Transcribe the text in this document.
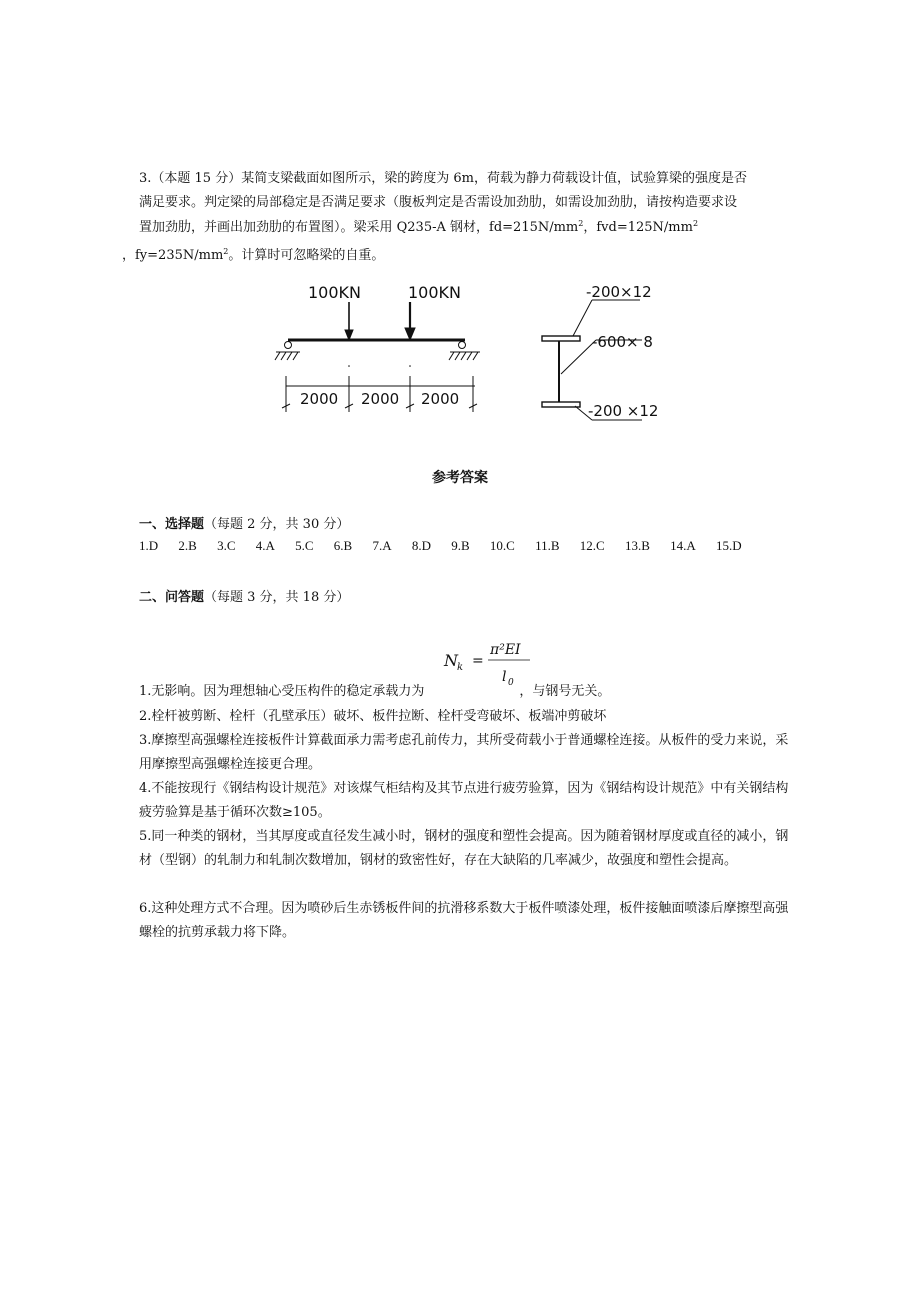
3.（本题 15 分）某简支梁截面如图所示，梁的跨度为 6m，荷载为静力荷载设计值，试验算梁的强度是否
满足要求。判定梁的局部稳定是否满足要求（腹板判定是否需设加劲肋，如需设加劲肋，请按构造要求设
置加劲肋，并画出加劲肋的布置图）。梁采用 Q235-A 钢材，$fd=215N/mm^2$，$fvd=125N/mm^2$
，$fy=235N/mm^2$。计算时可忽略梁的自重。
100KN	100KN
2000 2000 2000
-200×12
-600× 8
-200 ×12
参考答案
一、选择题（每题 2 分，共 30 分）
1.D 2.B 3.C 4.A 5.C 6.B 7.A 8.D 9.B 10.C 11.B 12.C 13.B 14.A 15.D
二、问答题（每题 3 分，共 18 分）
N k =
π²EI
l 0
1.无影响。因为理想轴心受压构件的稳定承载力为	，与钢号无关。
2.栓杆被剪断、栓杆（孔壁承压）破坏、板件拉断、栓杆受弯破坏、板端冲剪破坏
3.摩擦型高强螺栓连接板件计算截面承力需考虑孔前传力，其所受荷载小于普通螺栓连接。从板件的受力来说，采用摩擦型高强螺栓连接更合理。
4.不能按现行《钢结构设计规范》对该煤气柜结构及其节点进行疲劳验算，因为《钢结构设计规范》中有关钢结构疲劳验算是基于循环次数≥105。
5.同一种类的钢材，当其厚度或直径发生减小时，钢材的强度和塑性会提高。因为随着钢材厚度或直径的减小，钢材（型钢）的轧制力和轧制次数增加，钢材的致密性好，存在大缺陷的几率减少，故强度和塑性会提高。
6.这种处理方式不合理。因为喷砂后生赤锈板件间的抗滑移系数大于板件喷漆处理，板件接触面喷漆后摩擦型高强螺栓的抗剪承载力将下降。
